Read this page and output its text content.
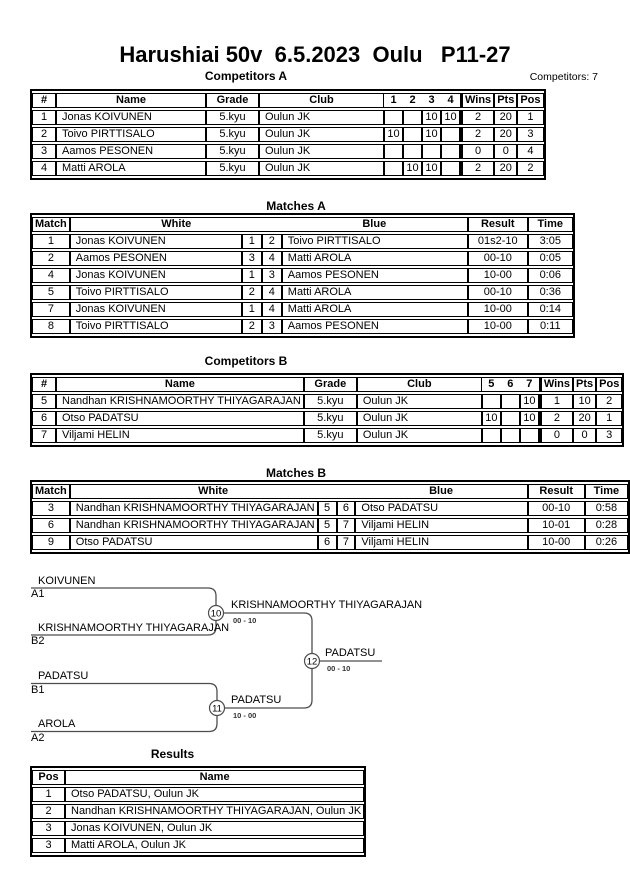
Harushiai 50v  6.5.2023  Oulu   P11-27
Competitors A	Competitors: 7
#	Name	Grade	Club	1	2	3	4	Wins	Pts	Pos
1	Jonas KOIVUNEN	5.kyu	Oulun JK			10	10	2	20	1
2	Toivo PIRTTISALO	5.kyu	Oulun JK	10		10		2	20	3
3	Aamos PESONEN	5.kyu	Oulun JK					0	0	4
4	Matti AROLA	5.kyu	Oulun JK		10	10		2	20	2
Matches A
Match	White			Blue	Result	Time
1	Jonas KOIVUNEN	1	2	Toivo PIRTTISALO	01s2-10	3:05
2	Aamos PESONEN	3	4	Matti AROLA	00-10	0:05
4	Jonas KOIVUNEN	1	3	Aamos PESONEN	10-00	0:06
5	Toivo PIRTTISALO	2	4	Matti AROLA	00-10	0:36
7	Jonas KOIVUNEN	1	4	Matti AROLA	10-00	0:14
8	Toivo PIRTTISALO	2	3	Aamos PESONEN	10-00	0:11
Competitors B
#	Name	Grade	Club	5	6	7	Wins	Pts	Pos
5	Nandhan KRISHNAMOORTHY THIYAGARAJAN	5.kyu	Oulun JK			10	1	10	2
6	Otso PADATSU	5.kyu	Oulun JK	10		10	2	20	1
7	Viljami HELIN	5.kyu	Oulun JK				0	0	3
Matches B
Match	White			Blue	Result	Time
3	Nandhan KRISHNAMOORTHY THIYAGARAJAN	5	6	Otso PADATSU	00-10	0:58
6	Nandhan KRISHNAMOORTHY THIYAGARAJAN	5	7	Viljami HELIN	10-01	0:28
9	Otso PADATSU	6	7	Viljami HELIN	10-00	0:26
KOIVUNEN
A1
KRISHNAMOORTHY THIYAGARAJAN
B2
PADATSU
B1
AROLA
A2
10
KRISHNAMOORTHY THIYAGARAJAN
00 - 10
11
PADATSU
10 - 00
12
PADATSU
00 - 10
Results
Pos	Name
1	Otso PADATSU, Oulun JK
2	Nandhan KRISHNAMOORTHY THIYAGARAJAN, Oulun JK
3	Jonas KOIVUNEN, Oulun JK
3	Matti AROLA, Oulun JK
